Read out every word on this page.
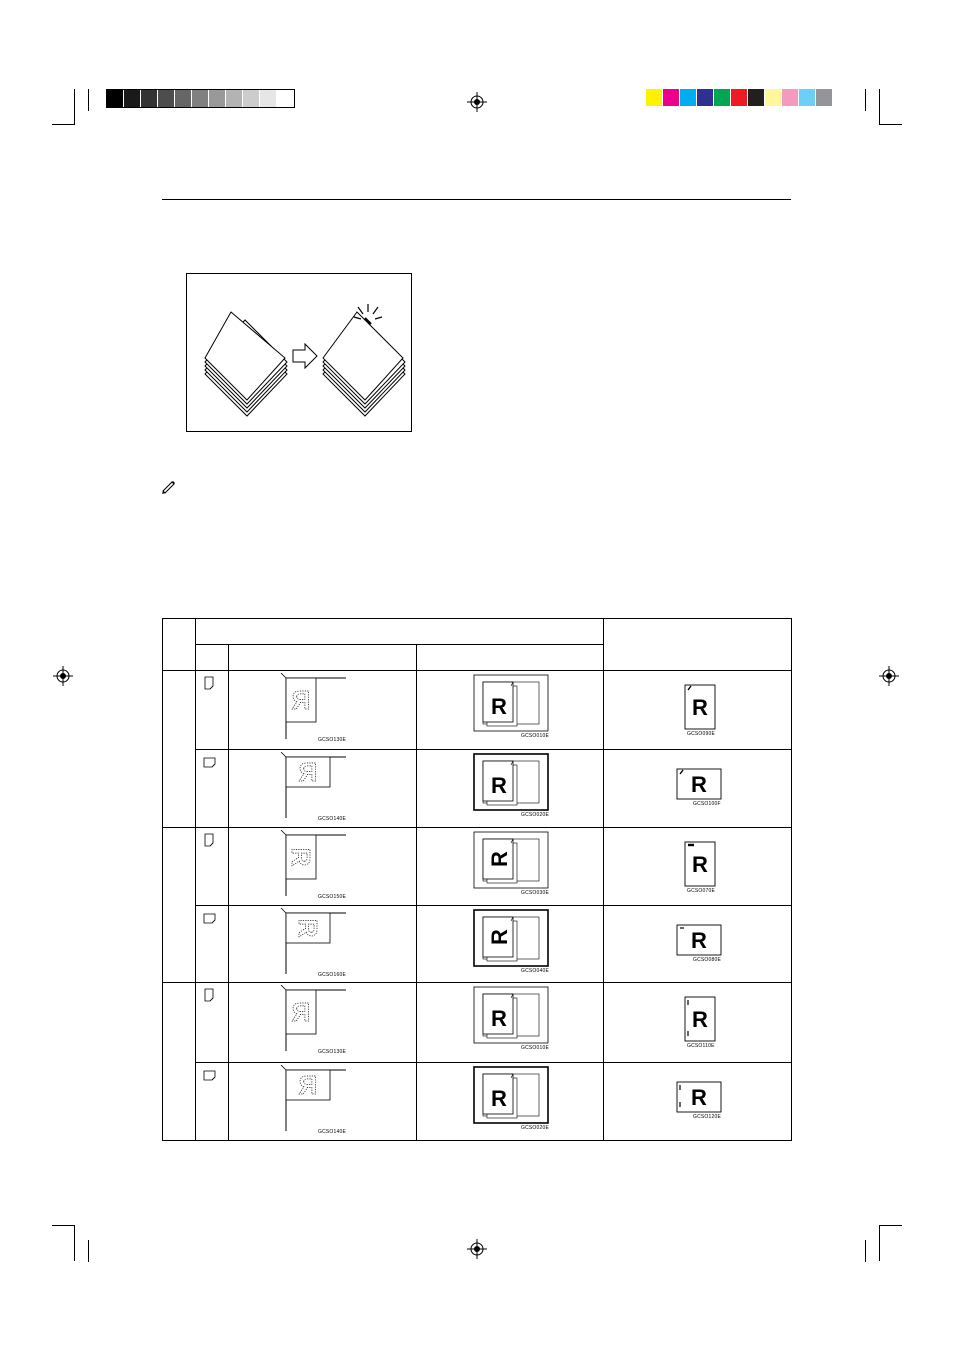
R
GCSO130E
R
GCSO010E
R
GCSO090E
R
GCSO140E
R
GCSO020E
R
GCSO100F
R
GCSO150E
R
GCSO030E
R
GCSO070E
R
GCSO160E
R
GCSO040E
R
GCSO080E
R
GCSO130E
R
GCSO010E
R
GCSO110E
R
GCSO140E
R
GCSO020E
R
GCSO120E
